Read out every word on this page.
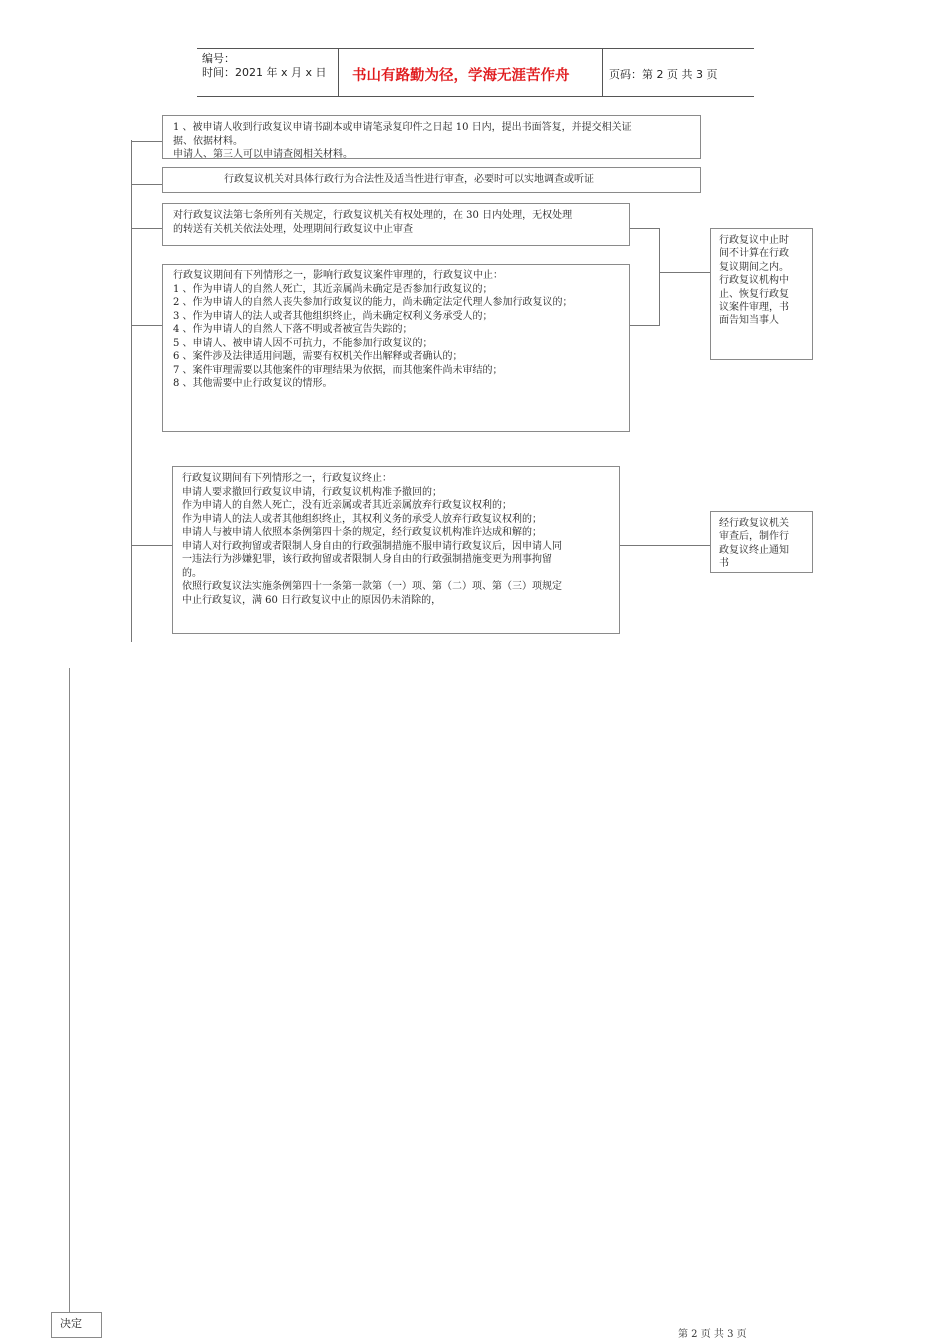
编号：
时间：2021 年 x 月 x 日 书山有路勤为径，学海无涯苦作舟	页码：第 2 页 共 3 页
1 、被申请人收到行政复议申请书副本或申请笔录复印件之日起 10 日内，提出书面答复，并提交相关证
据、依据材料。
申请人、第三人可以申请查阅相关材料。
行政复议机关对具体行政行为合法性及适当性进行审查，必要时可以实地调查或听证
对行政复议法第七条所列有关规定，行政复议机关有权处理的，在 30 日内处理，无权处理
的转送有关机关依法处理，处理期间行政复议中止审查
行政复议期间有下列情形之一，影响行政复议案件审理的，行政复议中止：
1 、作为申请人的自然人死亡，其近亲属尚未确定是否参加行政复议的；
2 、作为申请人的自然人丧失参加行政复议的能力，尚未确定法定代理人参加行政复议的；
3 、作为申请人的法人或者其他组织终止，尚未确定权利义务承受人的；
4 、作为申请人的自然人下落不明或者被宣告失踪的；
5 、申请人、被申请人因不可抗力，不能参加行政复议的；
6 、案件涉及法律适用问题，需要有权机关作出解释或者确认的；
7 、案件审理需要以其他案件的审理结果为依据，而其他案件尚未审结的；
8 、其他需要中止行政复议的情形。
行政复议中止时
间不计算在行政
复议期间之内。
行政复议机构中
止、恢复行政复
议案件审理，书
面告知当事人
行政复议期间有下列情形之一，行政复议终止：
申请人要求撤回行政复议申请，行政复议机构准予撤回的；
作为申请人的自然人死亡，没有近亲属或者其近亲属放弃行政复议权利的；
作为申请人的法人或者其他组织终止，其权利义务的承受人放弃行政复议权利的；
申请人与被申请人依照本条例第四十条的规定，经行政复议机构准许达成和解的；
申请人对行政拘留或者限制人身自由的行政强制措施不服申请行政复议后，因申请人同
一违法行为涉嫌犯罪，该行政拘留或者限制人身自由的行政强制措施变更为刑事拘留
的。
依照行政复议法实施条例第四十一条第一款第（一）项、第（二）项、第（三）项规定
中止行政复议，满 60 日行政复议中止的原因仍未消除的，
经行政复议机关
审查后，制作行
政复议终止通知
书
决定
第 2 页 共 3 页
